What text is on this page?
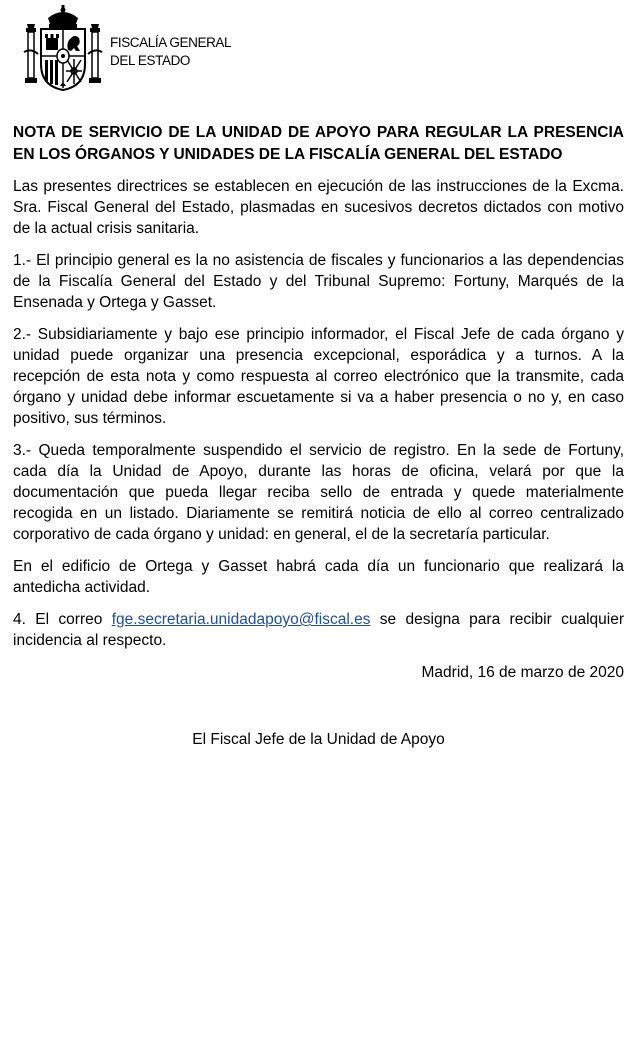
FISCALÍA GENERAL
DEL ESTADO
NOTA DE SERVICIO DE LA UNIDAD DE APOYO PARA REGULAR LA PRESENCIA EN LOS ÓRGANOS Y UNIDADES DE LA FISCALÍA GENERAL DEL ESTADO

Las presentes directrices se establecen en ejecución de las instrucciones de la Excma. Sra. Fiscal General del Estado, plasmadas en sucesivos decretos dictados con motivo de la actual crisis sanitaria.

1.- El principio general es la no asistencia de fiscales y funcionarios a las dependencias de la Fiscalía General del Estado y del Tribunal Supremo: Fortuny, Marqués de la Ensenada y Ortega y Gasset.

2.- Subsidiariamente y bajo ese principio informador, el Fiscal Jefe de cada órgano y unidad puede organizar una presencia excepcional, esporádica y a turnos. A la recepción de esta nota y como respuesta al correo electrónico que la transmite, cada órgano y unidad debe informar escuetamente si va a haber presencia o no y, en caso positivo, sus términos.

3.- Queda temporalmente suspendido el servicio de registro. En la sede de Fortuny, cada día la Unidad de Apoyo, durante las horas de oficina, velará por que la documentación que pueda llegar reciba sello de entrada y quede materialmente recogida en un listado. Diariamente se remitirá noticia de ello al correo centralizado corporativo de cada órgano y unidad: en general, el de la secretaría particular.

En el edificio de Ortega y Gasset habrá cada día un funcionario que realizará la antedicha actividad.

4. El correo fge.secretaria.unidadapoyo@fiscal.es se designa para recibir cualquier incidencia al respecto.

Madrid, 16 de marzo de 2020

El Fiscal Jefe de la Unidad de Apoyo
